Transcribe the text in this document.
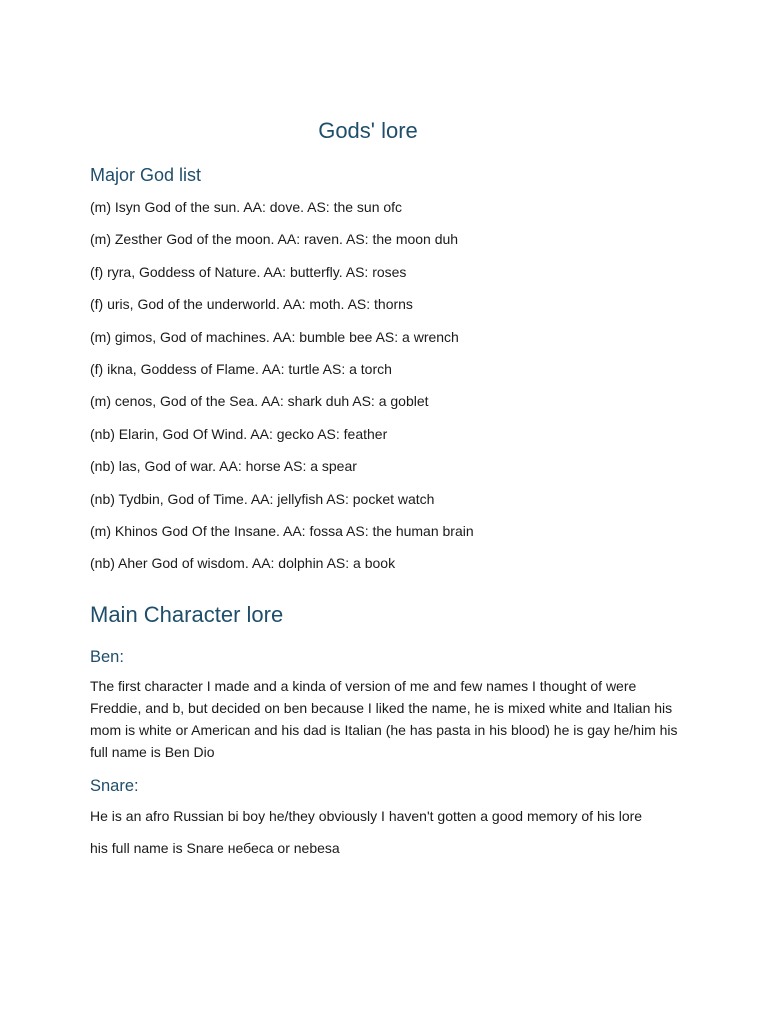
Gods' lore
Major God list
(m) Isyn God of the sun. AA: dove. AS: the sun ofc
(m) Zesther God of the moon. AA: raven. AS: the moon duh
(f) ryra, Goddess of Nature. AA: butterfly. AS: roses
(f) uris, God of the underworld. AA: moth. AS: thorns
(m) gimos, God of machines. AA: bumble bee AS: a wrench
(f) ikna, Goddess of Flame. AA: turtle AS: a torch
(m) cenos, God of the Sea. AA: shark duh AS: a goblet
(nb) Elarin, God Of Wind. AA: gecko AS: feather
(nb) las, God of war. AA: horse AS: a spear
(nb) Tydbin, God of Time. AA: jellyfish AS: pocket watch
(m) Khinos God Of the Insane. AA: fossa AS: the human brain
(nb) Aher God of wisdom. AA: dolphin AS: a book
Main Character lore
Ben:

The first character I made and a kinda of version of me and few names I thought of were Freddie, and b, but decided on ben because I liked the name, he is mixed white and Italian his mom is white or American and his dad is Italian (he has pasta in his blood) he is gay he/him his full name is Ben Dio

Snare:

He is an afro Russian bi boy he/they obviously I haven't gotten a good memory of his lore

his full name is Snare небеса or nebesa
